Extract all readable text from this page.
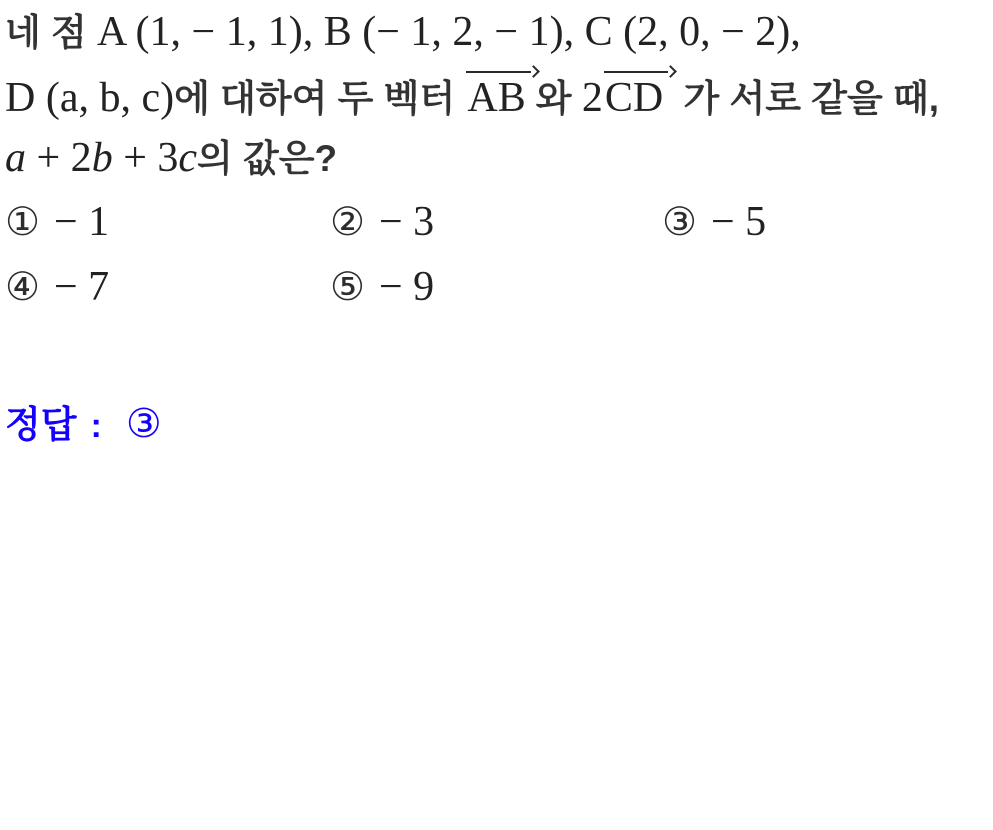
네 점 A (1, − 1, 1), B (− 1, 2, − 1), C (2, 0, − 2),
D (a, b, c)에 대하여 두 벡터
AB 와 2
CD 가 서로 같을 때,
a + 2b + 3c의 값은?
① − 1	② − 3	③ − 5
④ − 7	⑤ − 9
정답 : ③
